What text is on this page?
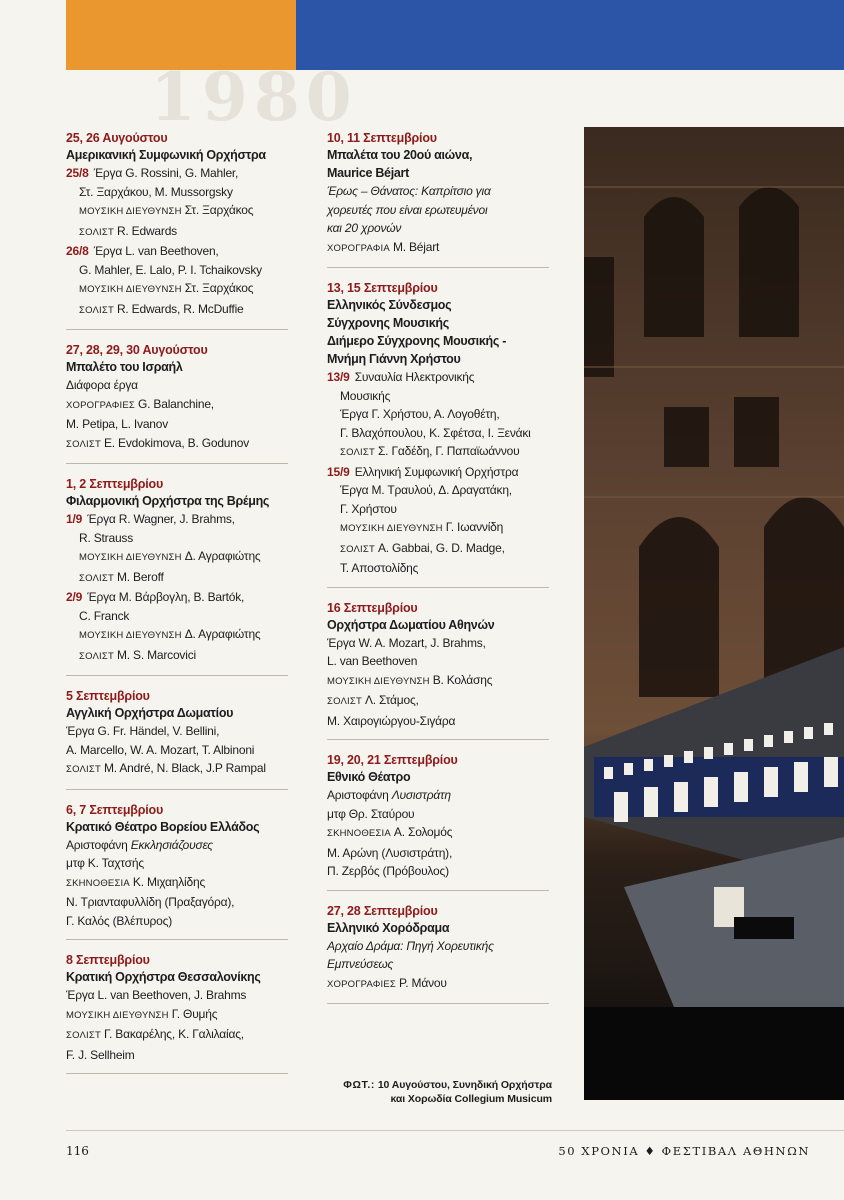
1980
25, 26 Αυγούστου
Αμερικανική Συμφωνική Ορχήστρα
25/8 Έργα G. Rossini, G. Mahler,
Στ. Ξαρχάκου, M. Mussorgsky
ΜΟΥΣΙΚΗ ΔΙΕΥΘΥΝΣΗ Στ. Ξαρχάκος
ΣΟΛΙΣΤ R. Edwards
26/8 Έργα L. van Beethoven,
G. Mahler, E. Lalo, P. I. Tchaikovsky
ΜΟΥΣΙΚΗ ΔΙΕΥΘΥΝΣΗ Στ. Ξαρχάκος
ΣΟΛΙΣΤ R. Edwards, R. McDuffie
27, 28, 29, 30 Αυγούστου
Μπαλέτο του Ισραήλ
Διάφορα έργα
ΧΟΡΟΓΡΑΦΙΕΣ G. Balanchine,
M. Petipa, L. Ivanov
ΣΟΛΙΣΤ E. Evdokimova, B. Godunov
1, 2 Σεπτεμβρίου
Φιλαρμονική Ορχήστρα της Βρέμης
1/9 Έργα R. Wagner, J. Brahms,
R. Strauss
ΜΟΥΣΙΚΗ ΔΙΕΥΘΥΝΣΗ Δ. Αγραφιώτης
ΣΟΛΙΣΤ M. Beroff
2/9 Έργα Μ. Βάρβογλη, B. Bartók,
C. Franck
ΜΟΥΣΙΚΗ ΔΙΕΥΘΥΝΣΗ Δ. Αγραφιώτης
ΣΟΛΙΣΤ M. S. Marcovici
5 Σεπτεμβρίου
Αγγλική Ορχήστρα Δωματίου
Έργα G. Fr. Händel, V. Bellini,
A. Marcello, W. A. Mozart, T. Albinoni
ΣΟΛΙΣΤ M. André, N. Black, J.P Rampal
6, 7 Σεπτεμβρίου
Κρατικό Θέατρο Βορείου Ελλάδος
Αριστοφάνη Εκκλησιάζουσες
μτφ Κ. Ταχτσής
ΣΚΗΝΟΘΕΣΙΑ Κ. Μιχαηλίδης
Ν. Τριανταφυλλίδη (Πραξαγόρα),
Γ. Καλός (Βλέπυρος)
8 Σεπτεμβρίου
Κρατική Ορχήστρα Θεσσαλονίκης
Έργα L. van Beethoven, J. Brahms
ΜΟΥΣΙΚΗ ΔΙΕΥΘΥΝΣΗ Γ. Θυμής
ΣΟΛΙΣΤ Γ. Βακαρέλης, Κ. Γαλιλαίας,
F. J. Sellheim
10, 11 Σεπτεμβρίου
Μπαλέτα του 20ού αιώνα,
Maurice Béjart
Έρως – Θάνατος: Καπρίτσιο για
χορευτές που είναι ερωτευμένοι
και 20 χρονών
ΧΟΡΟΓΡΑΦΙΑ M. Béjart
13, 15 Σεπτεμβρίου
Ελληνικός Σύνδεσμος
Σύγχρονης Μουσικής
Διήμερο Σύγχρονης Μουσικής -
Μνήμη Γιάννη Χρήστου
13/9 Συναυλία Ηλεκτρονικής
Μουσικής
Έργα Γ. Χρήστου, Α. Λογοθέτη,
Γ. Βλαχόπουλου, Κ. Σφέτσα, Ι. Ξενάκι
ΣΟΛΙΣΤ Σ. Γαδέδη, Γ. Παπαϊωάννου
15/9 Ελληνική Συμφωνική Ορχήστρα
Έργα Μ. Τραυλού, Δ. Δραγατάκη,
Γ. Χρήστου
ΜΟΥΣΙΚΗ ΔΙΕΥΘΥΝΣΗ Γ. Ιωαννίδη
ΣΟΛΙΣΤ A. Gabbai, G. D. Madge,
Τ. Αποστολίδης
16 Σεπτεμβρίου
Ορχήστρα Δωματίου Αθηνών
Έργα W. A. Mozart, J. Brahms,
L. van Beethoven
ΜΟΥΣΙΚΗ ΔΙΕΥΘΥΝΣΗ Β. Κολάσης
ΣΟΛΙΣΤ Λ. Στάμος,
Μ. Χαιρογιώργου-Σιγάρα
19, 20, 21 Σεπτεμβρίου
Εθνικό Θέατρο
Αριστοφάνη Λυσιστράτη
μτφ Θρ. Σταύρου
ΣΚΗΝΟΘΕΣΙΑ Α. Σολομός
Μ. Αρώνη (Λυσιστράτη),
Π. Ζερβός (Πρόβουλος)
27, 28 Σεπτεμβρίου
Ελληνικό Χορόδραμα
Αρχαίο Δράμα: Πηγή Χορευτικής
Εμπνεύσεως
ΧΟΡΟΓΡΑΦΙΕΣ Ρ. Μάνου
ΦΩΤ.: 10 Αυγούστου, Συνηδική Ορχήστρα
και Χορωδία Collegium Musicum
116	50 ΧΡΟΝΙΑ ♦ ΦΕΣΤΙΒΑΛ ΑΘΗΝΩΝ
